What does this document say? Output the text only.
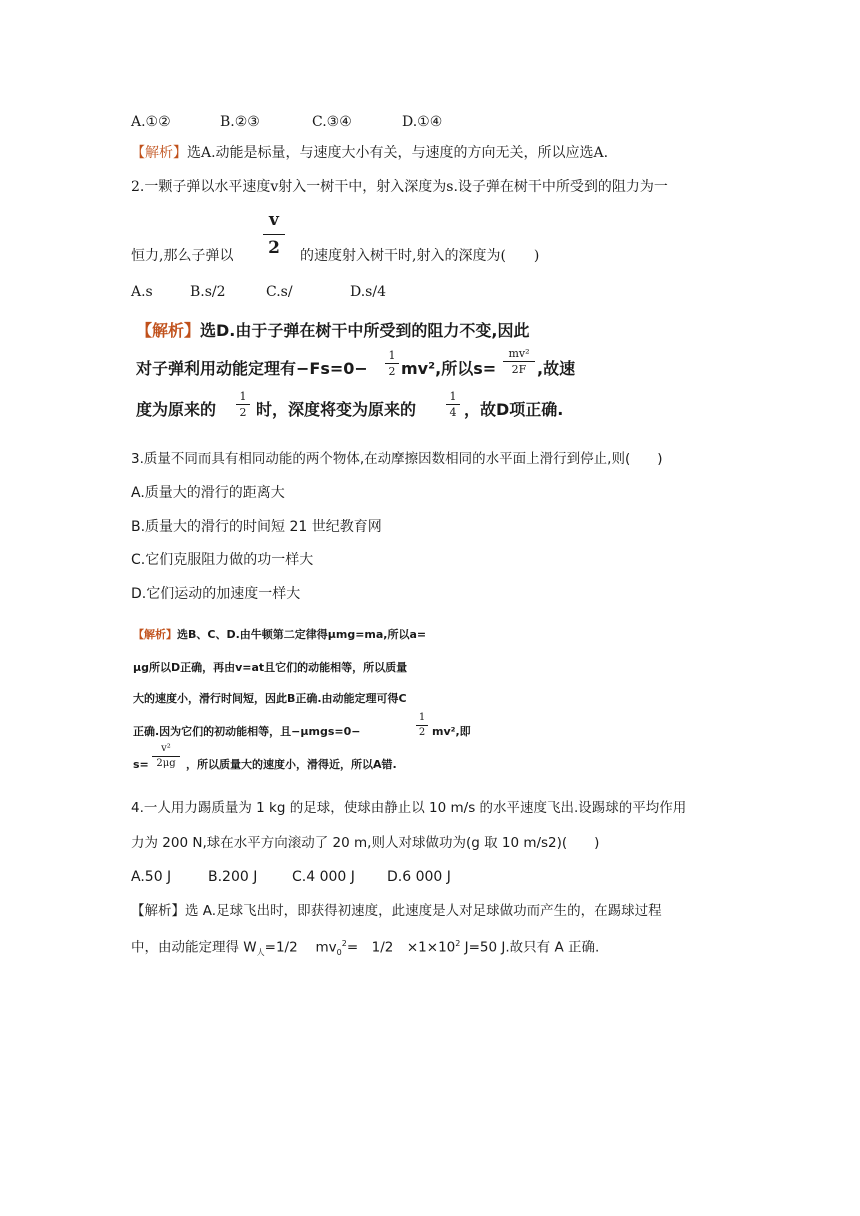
A.①②	B.②③	C.③④	D.①④
【解析】选A.动能是标量，与速度大小有关，与速度的方向无关，所以应选A.
2.一颗子弹以水平速度v射入一树干中，射入深度为s.设子弹在树干中所受到的阻力为一
v
2
恒力,那么子弹以	的速度射入树干时,射入的深度为(　　)
A.s	B.s/2	C.s/	D.s/4
【解析】选D.由于子弹在树干中所受到的阻力不变,因此
对子弹利用动能定理有−Fs=0−
1
2 mv²,所以s=
mv²
2F ,故速
度为原来的
1
2 时，深度将变为原来的
1
4 ，故D项正确.
3.质量不同而具有相同动能的两个物体,在动摩擦因数相同的水平面上滑行到停止,则(　　)
A.质量大的滑行的距离大
B.质量大的滑行的时间短 21 世纪教育网
C.它们克服阻力做的功一样大
D.它们运动的加速度一样大
【解析】选B、C、D.由牛顿第二定律得μmg=ma,所以a=
μg所以D正确，再由v=at且它们的动能相等，所以质量
大的速度小，滑行时间短，因此B正确.由动能定理可得C
正确.因为它们的初动能相等，且−μmgs=0−
1
2 mv²,即
s=
v²
2μg ，所以质量大的速度小，滑得近，所以A错.
4.一人用力踢质量为 1 kg 的足球，使球由静止以 10 m/s 的水平速度飞出.设踢球的平均作用
力为 200 N,球在水平方向滚动了 20 m,则人对球做功为(g 取 10 m/s2)(　　)
A.50 J	B.200 J C.4 000 J D.6 000 J
【解析】选 A.足球飞出时，即获得初速度，此速度是人对足球做功而产生的，在踢球过程
中，由动能定理得 $W_人=1/2$　 $mv_0^2=$　1/2　$\times 1\times 10^2$ J=50 J.故只有 A 正确.
